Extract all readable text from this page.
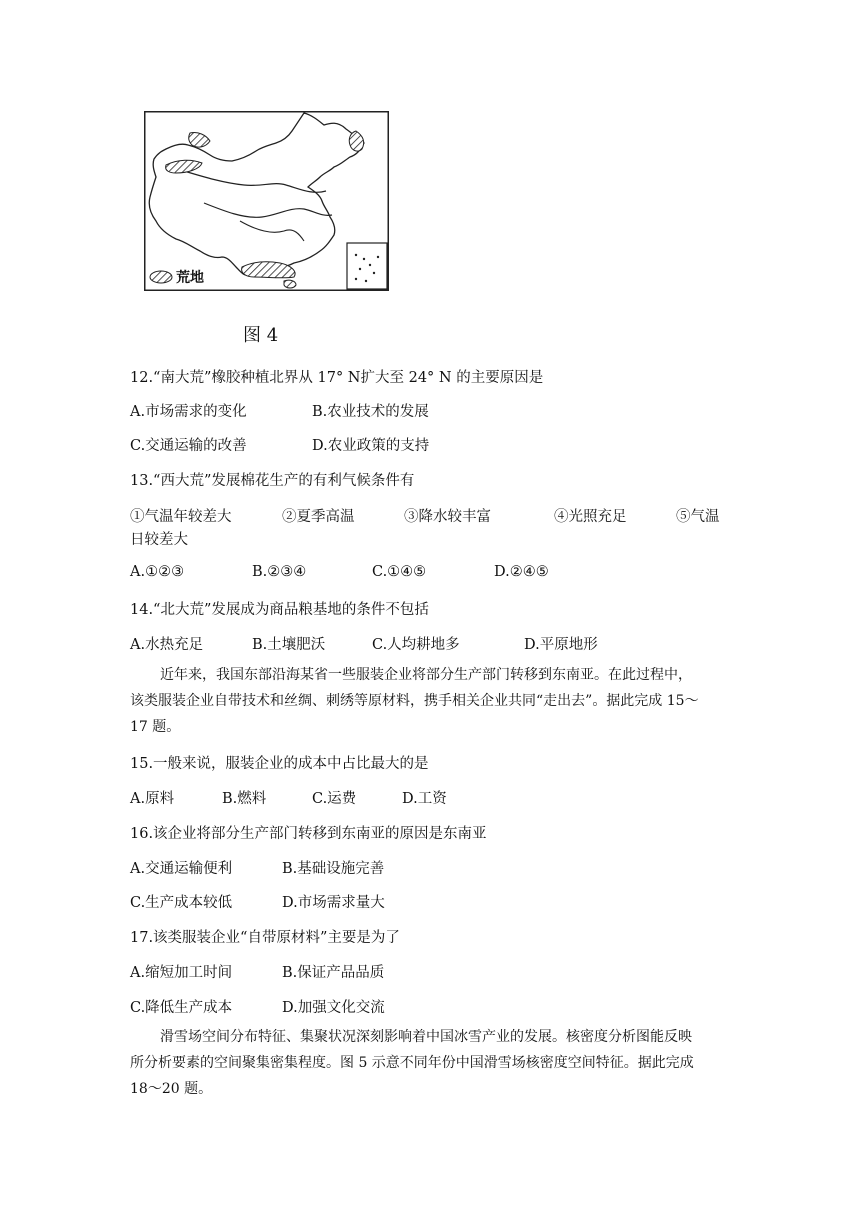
荒地
图 4
12.“南大荒”橡胶种植北界从 17° N扩大至 24° N 的主要原因是
A.市场需求的变化	B.农业技术的发展
C.交通运输的改善	D.农业政策的支持
13.“西大荒”发展棉花生产的有利气候条件有
①气温年较差大	②夏季高温	③降水较丰富	④光照充足	⑤气温
日较差大
A.①②③	B.②③④	C.①④⑤	D.②④⑤
14.“北大荒”发展成为商品粮基地的条件不包括
A.水热充足	B.土壤肥沃	C.人均耕地多	D.平原地形
近年来，我国东部沿海某省一些服装企业将部分生产部门转移到东南亚。在此过程中，
该类服装企业自带技术和丝绸、刺绣等原材料，携手相关企业共同“走出去”。据此完成 15～
17 题。
15.一般来说，服装企业的成本中占比最大的是
A.原料	B.燃料	C.运费	D.工资
16.该企业将部分生产部门转移到东南亚的原因是东南亚
A.交通运输便利	B.基础设施完善
C.生产成本较低	D.市场需求量大
17.该类服装企业“自带原材料”主要是为了
A.缩短加工时间	B.保证产品品质
C.降低生产成本	D.加强文化交流
滑雪场空间分布特征、集聚状况深刻影响着中国冰雪产业的发展。核密度分析图能反映
所分析要素的空间聚集密集程度。图 5 示意不同年份中国滑雪场核密度空间特征。据此完成
18～20 题。
